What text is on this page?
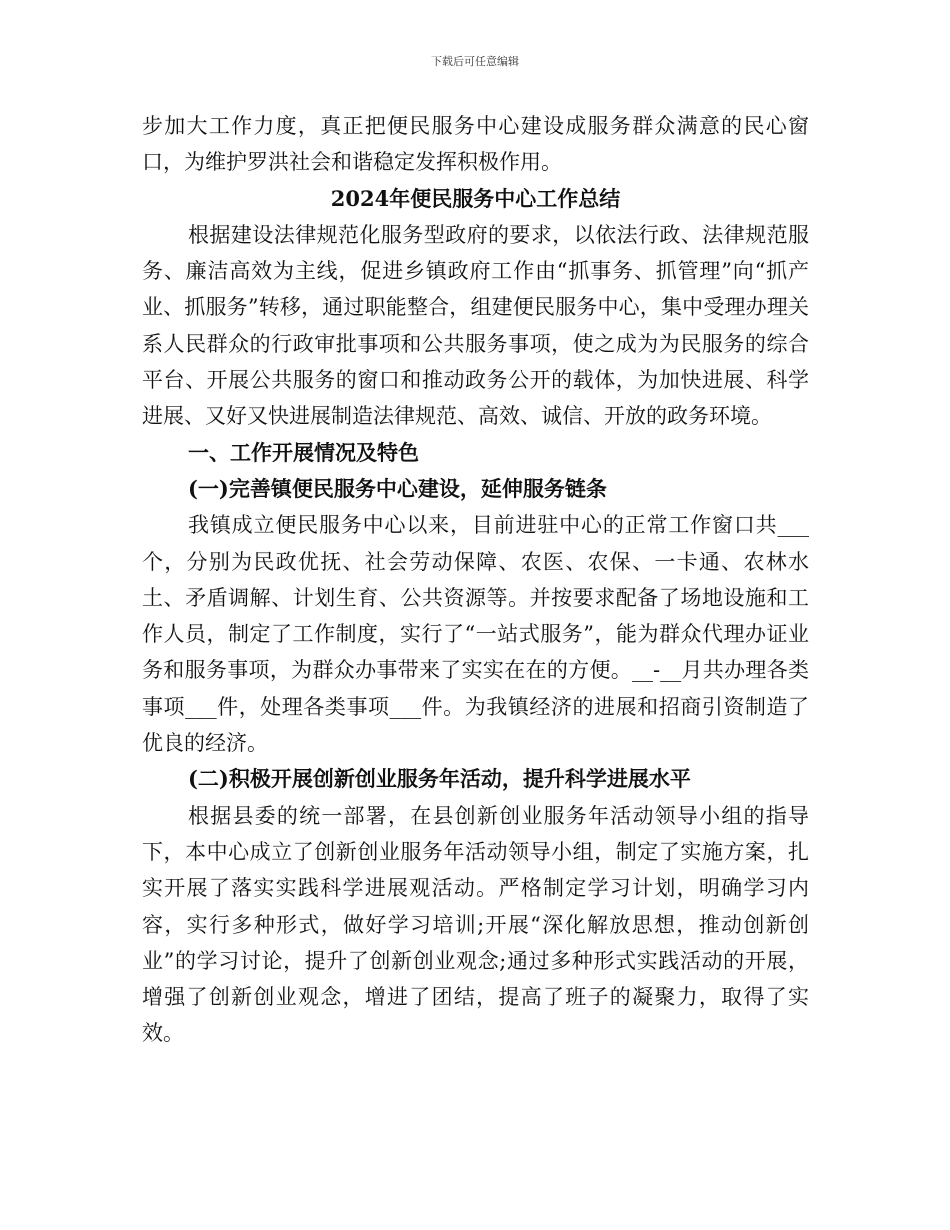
下载后可任意编辑

步加大工作力度，真正把便民服务中心建设成服务群众满意的民心窗口，为维护罗洪社会和谐稳定发挥积极作用。

2024年便民服务中心工作总结

根据建设法律规范化服务型政府的要求，以依法行政、法律规范服务、廉洁高效为主线，促进乡镇政府工作由“抓事务、抓管理”向“抓产业、抓服务”转移，通过职能整合，组建便民服务中心，集中受理办理关系人民群众的行政审批事项和公共服务事项，使之成为为民服务的综合平台、开展公共服务的窗口和推动政务公开的载体，为加快进展、科学进展、又好又快进展制造法律规范、高效、诚信、开放的政务环境。

一、工作开展情况及特色

(一)完善镇便民服务中心建设，延伸服务链条

我镇成立便民服务中心以来，目前进驻中心的正常工作窗口共___个，分别为民政优抚、社会劳动保障、农医、农保、一卡通、农林水土、矛盾调解、计划生育、公共资源等。并按要求配备了场地设施和工作人员，制定了工作制度，实行了“一站式服务”，能为群众代理办证业务和服务事项，为群众办事带来了实实在在的方便。__-__月共办理各类事项___件，处理各类事项___件。为我镇经济的进展和招商引资制造了优良的经济。

(二)积极开展创新创业服务年活动，提升科学进展水平

根据县委的统一部署，在县创新创业服务年活动领导小组的指导下，本中心成立了创新创业服务年活动领导小组，制定了实施方案，扎实开展了落实实践科学进展观活动。严格制定学习计划，明确学习内容，实行多种形式，做好学习培训;开展“深化解放思想，推动创新创业”的学习讨论，提升了创新创业观念;通过多种形式实践活动的开展，增强了创新创业观念，增进了团结，提高了班子的凝聚力，取得了实效。
